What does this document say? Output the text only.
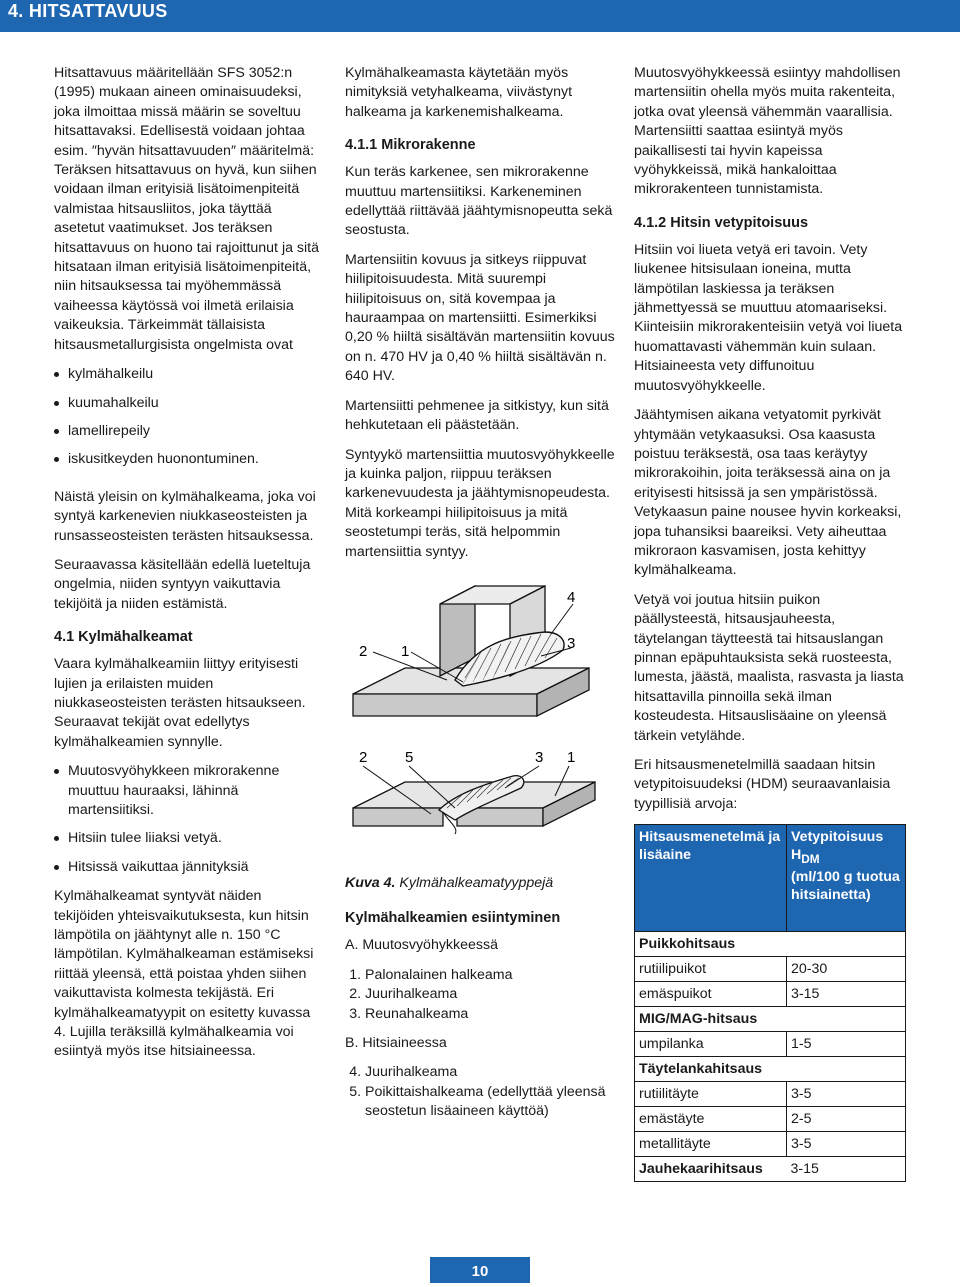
4. HITSATTAVUUS

Hitsattavuus määritellään SFS 3052:n (1995) mukaan aineen ominaisuudeksi, joka ilmoittaa missä määrin se soveltuu hitsattavaksi. Edellisestä voidaan johtaa esim. ″hyvän hitsattavuuden″ määritelmä: Teräksen hitsattavuus on hyvä, kun siihen voidaan ilman erityisiä lisätoimenpiteitä valmistaa hitsausliitos, joka täyttää asetetut vaatimukset. Jos teräksen hitsattavuus on huono tai rajoittunut ja sitä hitsataan ilman erityisiä lisätoimenpiteitä, niin hitsauksessa tai myöhemmässä vaiheessa käytössä voi ilmetä erilaisia vaikeuksia. Tärkeimmät tällaisista hitsausmetallurgisista ongelmista ovat

kylmähalkeilu
kuumahalkeilu
lamellirepeily
iskusitkeyden huonontuminen.

Näistä yleisin on kylmähalkeama, joka voi syntyä karkenevien niukkaseosteisten ja runsasseosteisten terästen hitsauksessa.

Seuraavassa käsitellään edellä lueteltuja ongelmia, niiden syntyyn vaikuttavia tekijöitä ja niiden estämistä.

4.1 Kylmähalkeamat

Vaara kylmähalkeamiin liittyy erityisesti lujien ja erilaisten muiden niukkaseosteisten terästen hitsaukseen. Seuraavat tekijät ovat edellytys kylmähalkeamien synnylle.

Muutosvyöhykkeen mikrorakenne muuttuu hauraaksi, lähinnä martensiitiksi.
Hitsiin tulee liiaksi vetyä.
Hitsissä vaikuttaa jännityksiä

Kylmähalkeamat syntyvät näiden tekijöiden yhteisvaikutuksesta, kun hitsin lämpötila on jäähtynyt alle n. 150 °C lämpötilan. Kylmähalkeaman estämiseksi riittää yleensä, että poistaa yhden siihen vaikuttavista kolmesta tekijästä. Eri kylmähalkeamatyypit on esitetty kuvassa 4. Lujilla teräksillä kylmähalkeamia voi esiintyä myös itse hitsiaineessa.

Kylmähalkeamasta käytetään myös nimityksiä vetyhalkeama, viivästynyt halkeama ja karkenemishalkeama.

4.1.1 Mikrorakenne

Kun teräs karkenee, sen mikrorakenne muuttuu martensiitiksi. Karkeneminen edellyttää riittävää jäähtymisnopeutta sekä seostusta.

Martensiitin kovuus ja sitkeys riippuvat hiilipitoisuudesta. Mitä suurempi hiilipitoisuus on, sitä kovempaa ja hauraampaa on martensiitti. Esimerkiksi 0,20 % hiiltä sisältävän martensiitin kovuus on n. 470 HV ja 0,40 % hiiltä sisältävän n. 640 HV.

Martensiitti pehmenee ja sitkistyy, kun sitä hehkutetaan eli päästetään.

Syntyykö martensiittia muutosvyöhykkeelle ja kuinka paljon, riippuu teräksen karkenevuudesta ja jäähtymisnopeudesta. Mitä korkeampi hiilipitoisuus ja mitä seostetumpi teräs, sitä helpommin martensiittia syntyy.

2 1
4
3
2	5	3 1

Kuva 4. Kylmähalkeamatyyppejä

Kylmähalkeamien esiintyminen

A. Muutosvyöhykkeessä

1. Palonalainen halkeama
2. Juurihalkeama
3. Reunahalkeama

B. Hitsiaineessa

4. Juurihalkeama
5. Poikittaishalkeama (edellyttää yleensä seostetun lisäaineen käyttöä)

Muutosvyöhykkeessä esiintyy mahdollisen martensiitin ohella myös muita rakenteita, jotka ovat yleensä vähemmän vaarallisia. Martensiitti saattaa esiintyä myös paikallisesti tai hyvin kapeissa vyöhykkeissä, mikä hankaloittaa mikrorakenteen tunnistamista.

4.1.2 Hitsin vetypitoisuus

Hitsiin voi liueta vetyä eri tavoin. Vety liukenee hitsisulaan ioneina, mutta lämpötilan laskiessa ja teräksen jähmettyessä se muuttuu atomaariseksi. Kiinteisiin mikrorakenteisiin vetyä voi liueta huomattavasti vähemmän kuin sulaan. Hitsiaineesta vety diffunoituu muutosvyöhykkeelle.

Jäähtymisen aikana vetyatomit pyrkivät yhtymään vetykaasuksi. Osa kaasusta poistuu teräksestä, osa taas keräytyy mikrorakoihin, joita teräksessä aina on ja erityisesti hitsissä ja sen ympäristössä. Vetykaasun paine nousee hyvin korkeaksi, jopa tuhansiksi baareiksi. Vety aiheuttaa mikroraon kasvamisen, josta kehittyy kylmähalkeama.

Vetyä voi joutua hitsiin puikon päällysteestä, hitsausjauheesta, täytelangan täytteestä tai hitsauslangan pinnan epäpuhtauksista sekä ruosteesta, lumesta, jäästä, maalista, rasvasta ja liasta hitsattavilla pinnoilla sekä ilman kosteudesta. Hitsauslisäaine on yleensä tärkein vetylähde.

Eri hitsausmenetelmillä saadaan hitsin vetypitoisuudeksi (HDM) seuraavanlaisia tyypillisiä arvoja:

Hitsausmenetelmä ja lisäaine	Vetypitoisuus $H_{DM}$
(ml/100 g tuotua hitsiainetta)
Puikkohitsaus	
rutiilipuikot	20-30
emäspuikot	3-15
MIG/MAG-hitsaus	
umpilanka	1-5
Täytelankahitsaus	
rutiilitäyte	3-5
emästäyte	2-5
metallitäyte	3-5
Jauhekaarihitsaus	3-15
10
